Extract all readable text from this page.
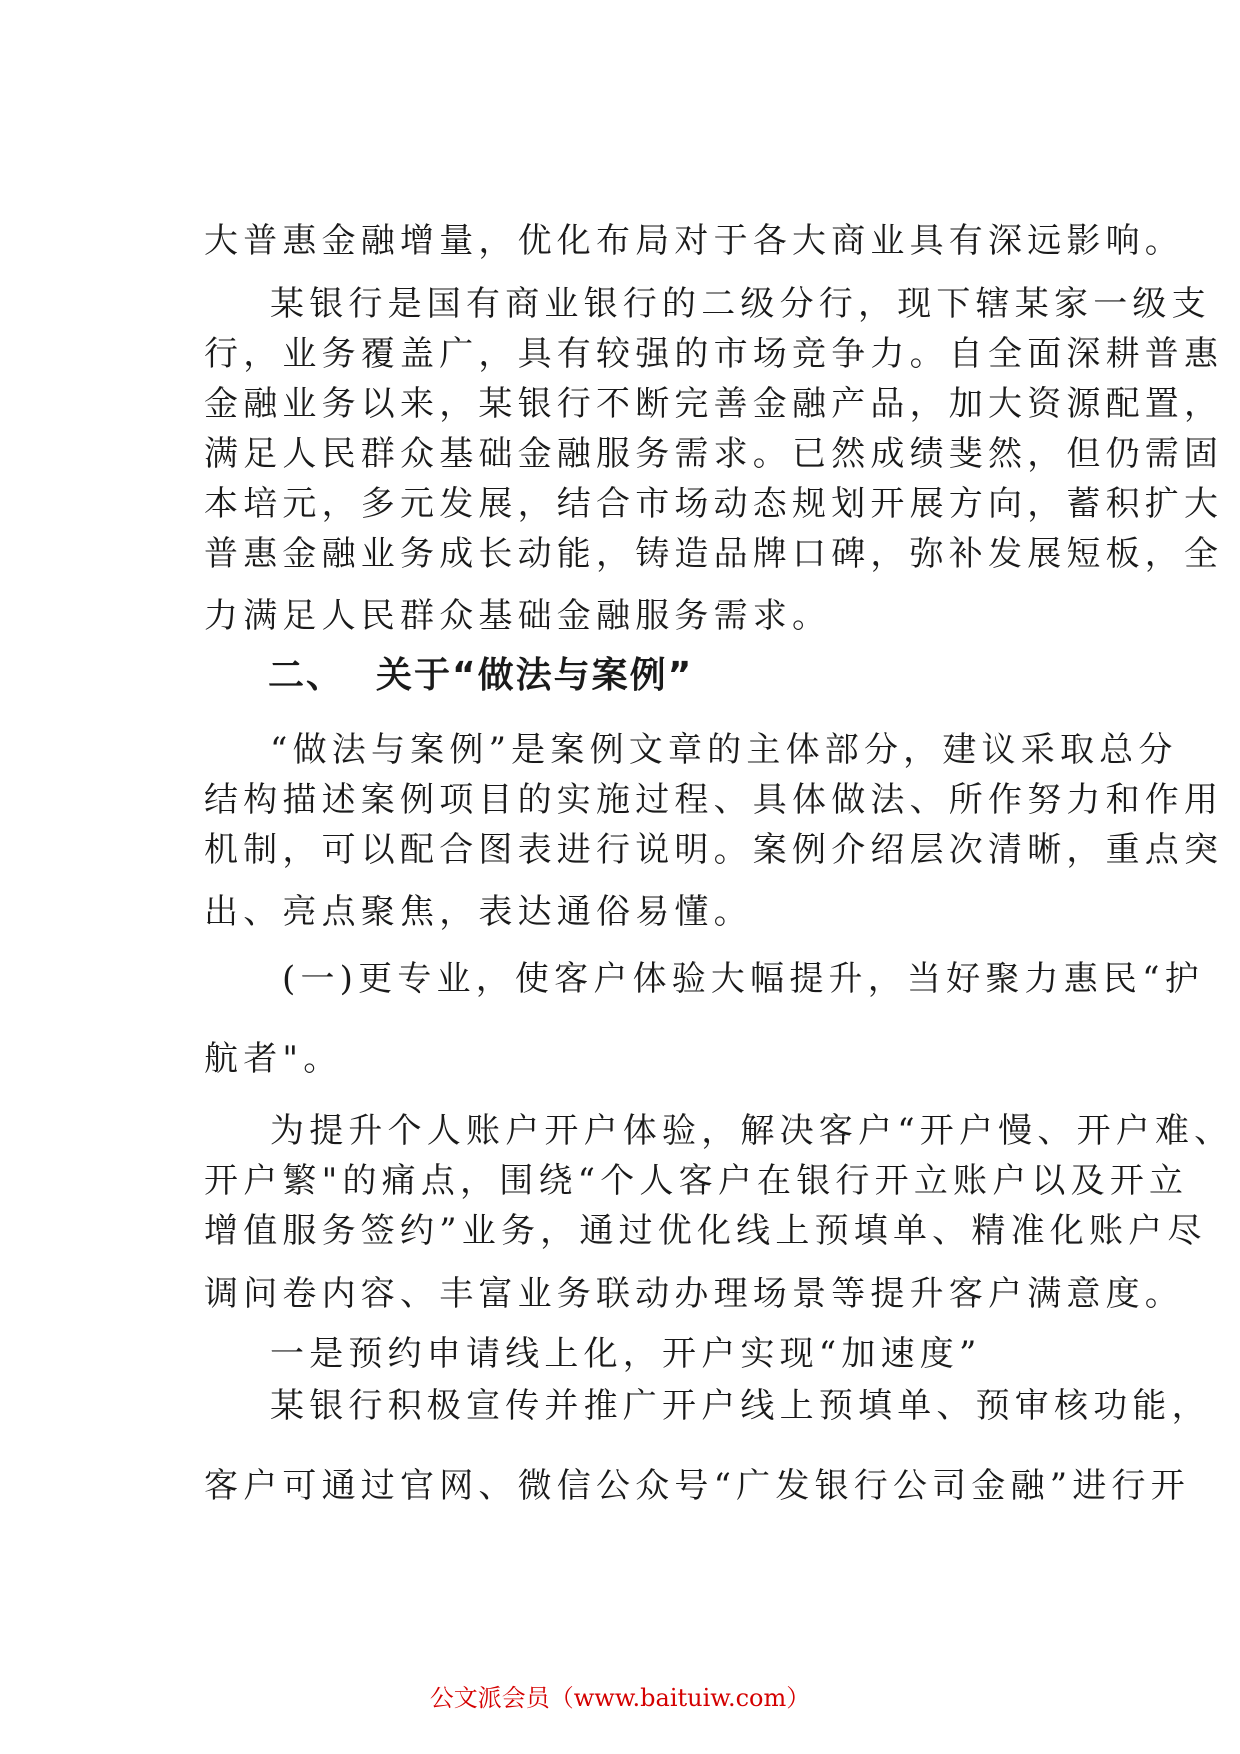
大普惠金融增量，优化布局对于各大商业具有深远影响。
某银行是国有商业银行的二级分行，现下辖某家一级支
行，业务覆盖广，具有较强的市场竞争力。自全面深耕普惠
金融业务以来，某银行不断完善金融产品，加大资源配置，
满足人民群众基础金融服务需求。已然成绩斐然，但仍需固
本培元，多元发展，结合市场动态规划开展方向，蓄积扩大
普惠金融业务成长动能，铸造品牌口碑，弥补发展短板，全
力满足人民群众基础金融服务需求。
二、 关于“做法与案例”
“做法与案例”是案例文章的主体部分，建议采取总分
结构描述案例项目的实施过程、具体做法、所作努力和作用
机制，可以配合图表进行说明。案例介绍层次清晰，重点突
出、亮点聚焦，表达通俗易懂。
(一)更专业，使客户体验大幅提升，当好聚力惠民“护
航者"。
为提升个人账户开户体验，解决客户“开户慢、开户难、
开户繁"的痛点，围绕“个人客户在银行开立账户以及开立
增值服务签约”业务，通过优化线上预填单、精准化账户尽
调问卷内容、丰富业务联动办理场景等提升客户满意度。
一是预约申请线上化，开户实现“加速度”
某银行积极宣传并推广开户线上预填单、预审核功能，
客户可通过官网、微信公众号“广发银行公司金融”进行开
公文派会员（www.baituiw.com）
